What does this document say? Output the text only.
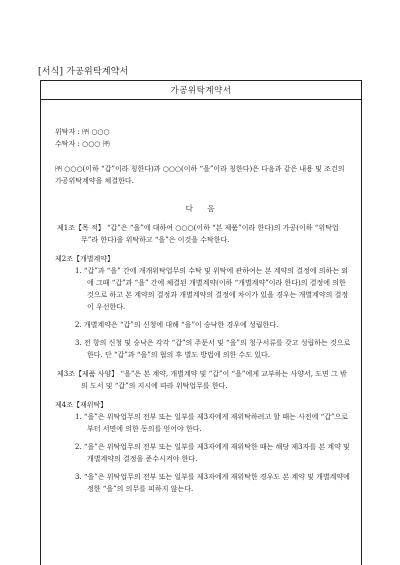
[서식] 가공위탁계약서
가공위탁계약서

위탁자 : ㈜ ○○○

수탁자 : ○○○ ㈜

㈜ ○○○(이하 “갑”이라 칭한다)과 ○○○(이하 “을”이라 칭한다)은 다음과 같은 내용 및 조건의 가공위탁계약을 체결한다.

다 음

제1조【목 적】 “갑”은 “을”에 대하여 ○○○(이하 “본 제품”이라 한다)의 가공(이하 “위탁업무”라 한다)을 위탁하고 “을”은 이것을 수탁한다.

제2조【개별계약】

1. “갑”과 “을” 간에 개개위탁업무의 수탁 및 위탁에 관하여는 본 계약의 결정에 의하는 외에 그때 “갑”과 “을” 간에 체결된 개별계약(이하 “개별계약”이라 한다)의 결정에 의한 것으로 하고 본 계약의 결정과 개별계약의 결정에 차이가 있을 경우는 개별계약의 결정이 우선한다.

2. 개별계약은 “갑”의 신청에 대해 “을”이 승낙한 경우에 성립한다.

3. 전 항의 신청 및 승낙은 각각 “갑”의 주문서 및 “을”의 청구서류를 갖고 성립하는 것으로 한다. 단 “갑”과 “을”의 협의 후 별도 방법에 의한 수도 있다.

제3조【제품 사양】 “을”은 본 계약, 개별계약 및 “갑”이 “을”에게 교부하는 사양서, 도면 그 밖의 도서 및 “갑”의 지시에 따라 위탁업무를 한다.

제4조【재위탁】

1. “을”은 위탁업무의 전부 또는 일부를 제3자에게 재위탁하려고 할 때는 사전에 “갑”으로부터 서면에 의한 동의를 얻어야 한다.

2. “을”은 위탁업무의 전부 또는 일부를 제3자에게 재위탁한 때는 해당 제3자를 본 계약 및 개별계약의 결정을 준수시켜야 한다.

3. “을”은 위탁업무의 전부 또는 일부를 제3자에게 재위탁한 경우도 본 계약 및 개별계약에 정한 “을”의 의무를 피하지 않는다.
